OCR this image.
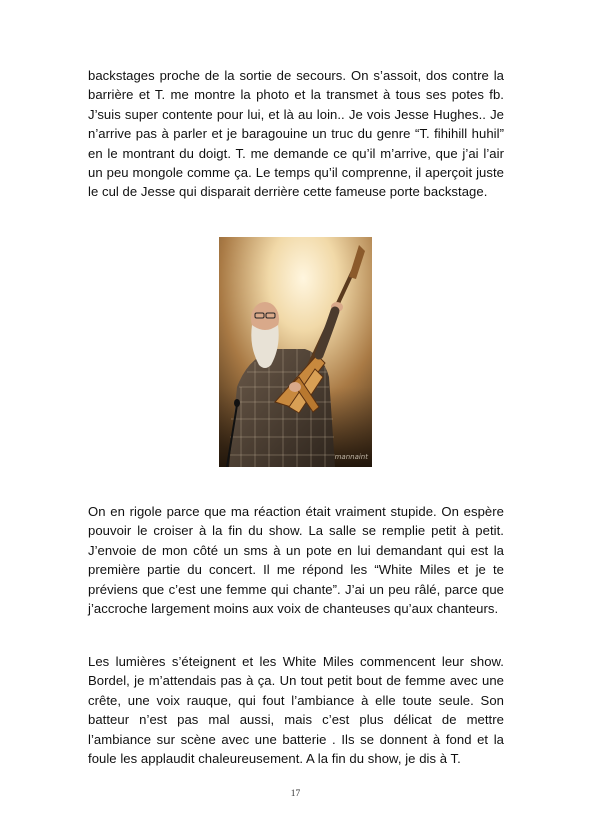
backstages proche de la sortie de secours. On s’assoit, dos contre la barrière et T. me montre la photo et la transmet à tous ses potes fb. J’suis super contente pour lui, et là au loin.. Je vois Jesse Hughes.. Je n’arrive pas à parler et je baragouine un truc du genre “T. fihihill huhil” en le montrant du doigt. T. me demande ce qu’il m’arrive, que j’ai l’air un peu mongole comme ça. Le temps qu’il comprenne, il aperçoit juste le cul de Jesse qui disparait derrière cette fameuse porte backstage.

mannaint

On en rigole parce que ma réaction était vraiment stupide. On espère pouvoir le croiser à la fin du show. La salle se remplie petit à petit. J’envoie de mon côté un sms à un pote en lui demandant qui est la première partie du concert. Il me répond les “White Miles et je te préviens que c’est une femme qui chante”. J’ai un peu râlé, parce que j’accroche largement moins aux voix de chanteuses qu’aux chanteurs.

Les lumières s’éteignent et les White Miles commencent leur show. Bordel, je m’attendais pas à ça. Un tout petit bout de femme avec une crête, une voix rauque, qui fout l’ambiance à elle toute seule. Son batteur n’est pas mal aussi, mais c’est plus délicat de mettre l’ambiance sur scène avec une batterie . Ils se donnent à fond et la foule les applaudit chaleureusement. A la fin du show, je dis à T.

17
